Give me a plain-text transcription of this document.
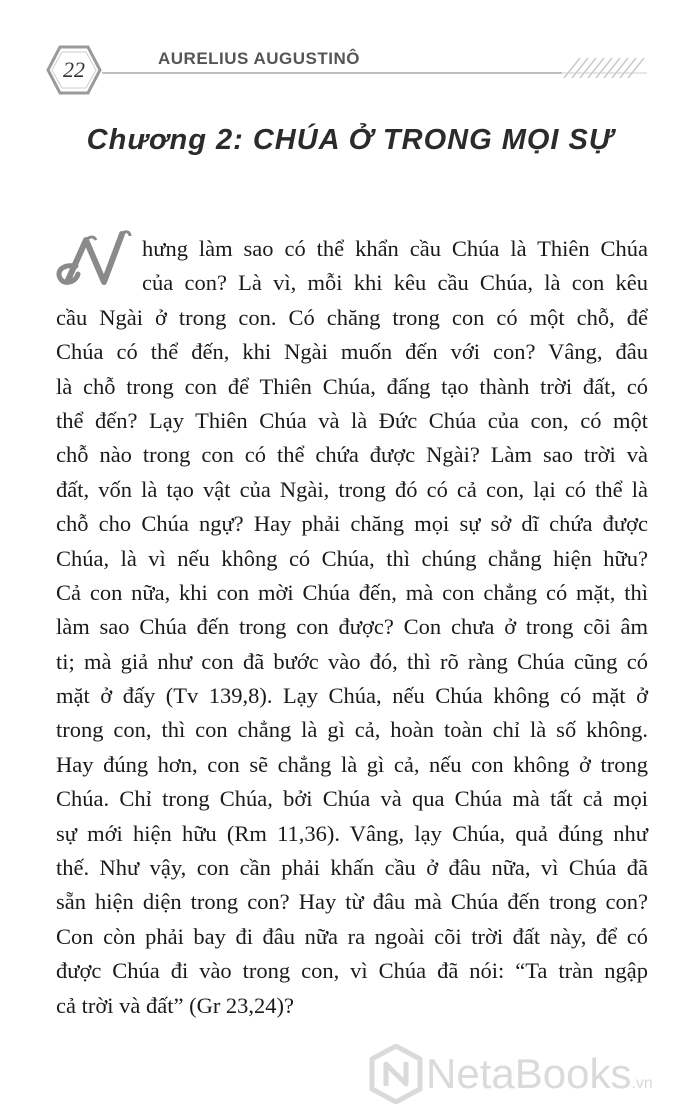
22	AURELIUS AUGUSTINÔ
Chương 2: CHÚA Ở TRONG MỌI SỰ
hưng làm sao có thể khẩn cầu Chúa là Thiên Chúa
của con? Là vì, mỗi khi kêu cầu Chúa, là con kêu
cầu Ngài ở trong con. Có chăng trong con có một chỗ, để
Chúa có thể đến, khi Ngài muốn đến với con? Vâng, đâu
là chỗ trong con để Thiên Chúa, đấng tạo thành trời đất, có
thể đến? Lạy Thiên Chúa và là Đức Chúa của con, có một
chỗ nào trong con có thể chứa được Ngài? Làm sao trời và
đất, vốn là tạo vật của Ngài, trong đó có cả con, lại có thể là
chỗ cho Chúa ngự? Hay phải chăng mọi sự sở dĩ chứa được
Chúa, là vì nếu không có Chúa, thì chúng chẳng hiện hữu?
Cả con nữa, khi con mời Chúa đến, mà con chẳng có mặt, thì
làm sao Chúa đến trong con được? Con chưa ở trong cõi âm
ti; mà giả như con đã bước vào đó, thì rõ ràng Chúa cũng có
mặt ở đấy (Tv 139,8). Lạy Chúa, nếu Chúa không có mặt ở
trong con, thì con chẳng là gì cả, hoàn toàn chỉ là số không.
Hay đúng hơn, con sẽ chẳng là gì cả, nếu con không ở trong
Chúa. Chỉ trong Chúa, bởi Chúa và qua Chúa mà tất cả mọi
sự mới hiện hữu (Rm 11,36). Vâng, lạy Chúa, quả đúng như
thế. Như vậy, con cần phải khấn cầu ở đâu nữa, vì Chúa đã
sẵn hiện diện trong con? Hay từ đâu mà Chúa đến trong con?
Con còn phải bay đi đâu nữa ra ngoài cõi trời đất này, để có
được Chúa đi vào trong con, vì Chúa đã nói: “Ta tràn ngập
cả trời và đất” (Gr 23,24)?
NetaBooks.vn
